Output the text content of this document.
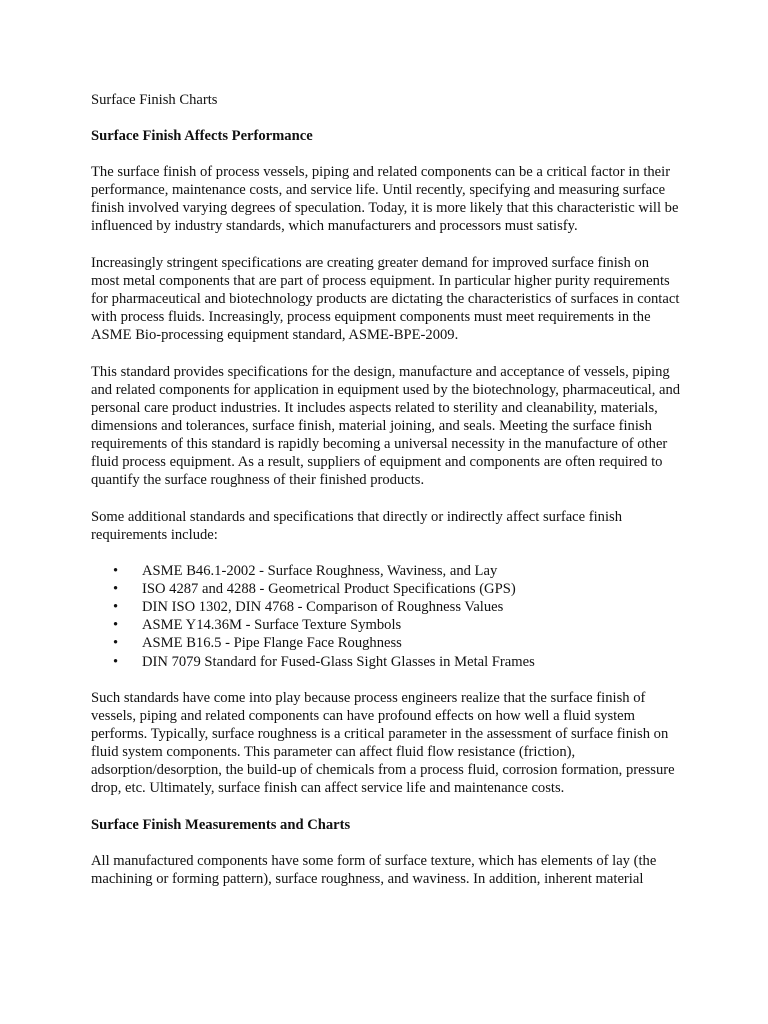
Surface Finish Charts

Surface Finish Affects Performance

The surface finish of process vessels, piping and related components can be a critical factor in their performance, maintenance costs, and service life. Until recently, specifying and measuring surface finish involved varying degrees of speculation. Today, it is more likely that this characteristic will be influenced by industry standards, which manufacturers and processors must satisfy.

Increasingly stringent specifications are creating greater demand for improved surface finish on most metal components that are part of process equipment. In particular higher purity requirements for pharmaceutical and biotechnology products are dictating the characteristics of surfaces in contact with process fluids. Increasingly, process equipment components must meet requirements in the ASME Bio-processing equipment standard, ASME-BPE-2009.

This standard provides specifications for the design, manufacture and acceptance of vessels, piping and related components for application in equipment used by the biotechnology, pharmaceutical, and personal care product industries. It includes aspects related to sterility and cleanability, materials, dimensions and tolerances, surface finish, material joining, and seals. Meeting the surface finish requirements of this standard is rapidly becoming a universal necessity in the manufacture of other fluid process equipment. As a result, suppliers of equipment and components are often required to quantify the surface roughness of their finished products.

Some additional standards and specifications that directly or indirectly affect surface finish requirements include:

• ASME B46.1-2002 - Surface Roughness, Waviness, and Lay
• ISO 4287 and 4288 - Geometrical Product Specifications (GPS)
• DIN ISO 1302, DIN 4768 - Comparison of Roughness Values
• ASME Y14.36M - Surface Texture Symbols
• ASME B16.5 - Pipe Flange Face Roughness
• DIN 7079 Standard for Fused-Glass Sight Glasses in Metal Frames

Such standards have come into play because process engineers realize that the surface finish of vessels, piping and related components can have profound effects on how well a fluid system performs. Typically, surface roughness is a critical parameter in the assessment of surface finish on fluid system components. This parameter can affect fluid flow resistance (friction), adsorption/desorption, the build-up of chemicals from a process fluid, corrosion formation, pressure drop, etc. Ultimately, surface finish can affect service life and maintenance costs.

Surface Finish Measurements and Charts

All manufactured components have some form of surface texture, which has elements of lay (the machining or forming pattern), surface roughness, and waviness. In addition, inherent material
